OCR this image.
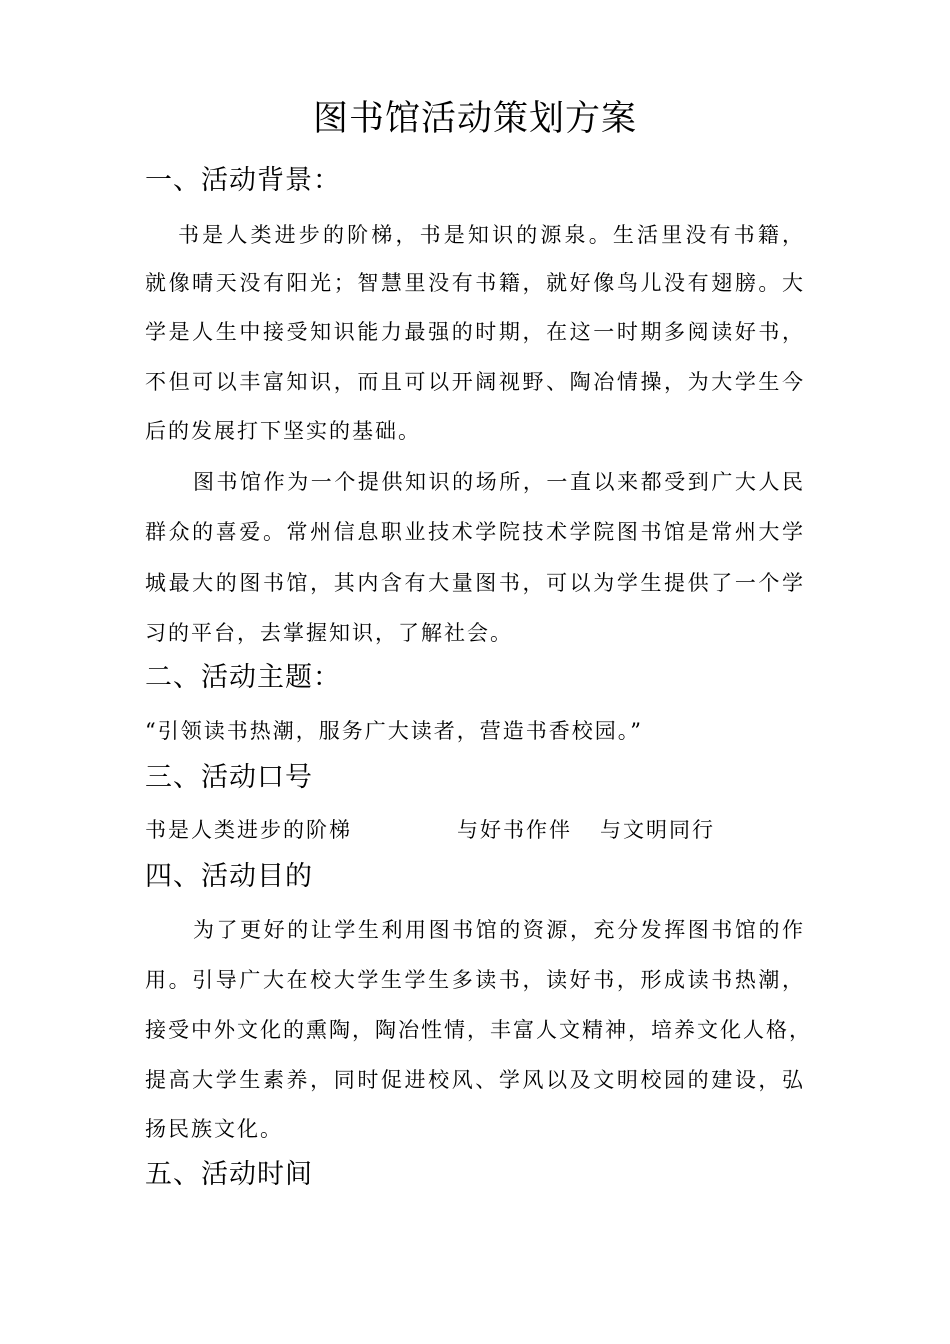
图书馆活动策划方案
一、活动背景：
书是人类进步的阶梯，书是知识的源泉。生活里没有书籍，
就像晴天没有阳光；智慧里没有书籍，就好像鸟儿没有翅膀。大
学是人生中接受知识能力最强的时期，在这一时期多阅读好书，
不但可以丰富知识，而且可以开阔视野、陶冶情操，为大学生今
后的发展打下坚实的基础。
图书馆作为一个提供知识的场所，一直以来都受到广大人民
群众的喜爱。常州信息职业技术学院技术学院图书馆是常州大学
城最大的图书馆，其内含有大量图书，可以为学生提供了一个学
习的平台，去掌握知识，了解社会。
二、活动主题：
“引领读书热潮，服务广大读者，营造书香校园。”
三、活动口号
书是人类进步的阶梯	与好书作伴 与文明同行
四、活动目的
为了更好的让学生利用图书馆的资源，充分发挥图书馆的作
用。引导广大在校大学生学生多读书，读好书，形成读书热潮，
接受中外文化的熏陶，陶冶性情，丰富人文精神，培养文化人格，
提高大学生素养，同时促进校风、学风以及文明校园的建设，弘
扬民族文化。
五、活动时间
